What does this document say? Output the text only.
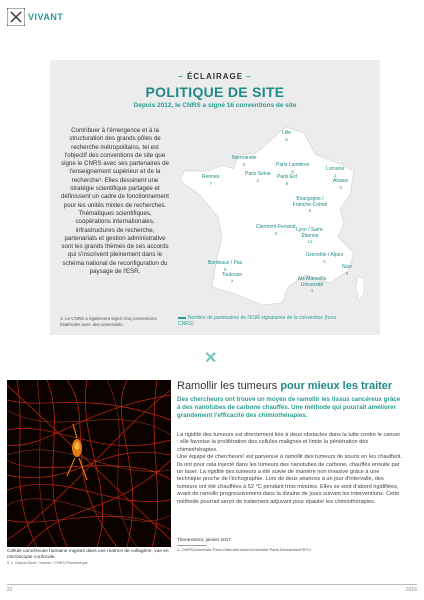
VIVANT
– ÉCLAIRAGE –
POLITIQUE DE SITE
Depuis 2012, le CNRS a signé 16 conventions de site
Contribuer à l'émergence et à la structuration des grands pôles de recherche métropolitains, tel est l'objectif des conventions de site que signe le CNRS avec ses partenaires de l'enseignement supérieur et de la recherche¹. Elles dessinent une stratégie scientifique partagée et définissent un cadre de fonctionnement pour les unités mixtes de recherches. Thématiques scientifiques, coopérations internationales, infrastructures de recherche, partenariats et gestion administrative sont les grands thèmes de ces accords qui s'inscrivent pleinement dans le schéma national de reconfiguration du paysage de l'ESR.
1. Le CNRS a également signé cinq conventions bilatérales avec des universités.
Nombre de partenaires de l'ESR signataires de la convention (hors CNRS)
Lille
5
Normandie
6	Paris Lumières
5	Lorraine
1
Rennes
7
Paris Seine
2	Paris Est
5	Alsace
3
Bourgogne / Franche-Comté
5
Clermont-Ferrand
3	Lyon / Saint-Étienne
12
Bordeaux / Pau
5
Grenoble / Alpes
5
Toulouse
7
Nice
2
Aix-Marseille Université
1
✕
Cellule cancéreuse humaine migrant dans une matrice de collagène, vue en microscopie confocale.
© L. Gauvin-Boré / Inserm / CNRS Photothèque
Ramollir les tumeurs pour mieux les traiter
Des chercheurs ont trouvé un moyen de ramollir les tissus cancéreux grâce à des nanotubes de carbone chauffés. Une méthode qui pourrait améliorer grandement l'efficacité des chimiothérapies.

La rigidité des tumeurs est directement liée à deux obstacles dans la lutte contre le cancer : elle favorise la prolifération des cellules malignes et limite la pénétration des chimiothérapies.

Une équipe de chercheurs¹ est parvenue à ramollir des tumeurs de souris en les chauffant. Ils ont pour cela injecté dans les tumeurs des nanotubes de carbone, chauffés ensuite par un laser. La rigidité des tumeurs a été suivie de manière non invasive grâce à une technique proche de l'échographie. Lors de deux séances à un jour d'intervalle, des tumeurs ont été chauffées à 52 °C pendant trois minutes. Elles se sont d'abord rigidifiées, avant de ramollir progressivement dans la dizaine de jours suivant les interventions. Cette méthode pourrait servir de traitement adjuvant pour épauler les chimiothérapies.

Theranostics, janvier 2017.
1. CNRS/Université Paris-Diderot/Inserm/Université Paris-Descartes/ESPCI
22	2016
